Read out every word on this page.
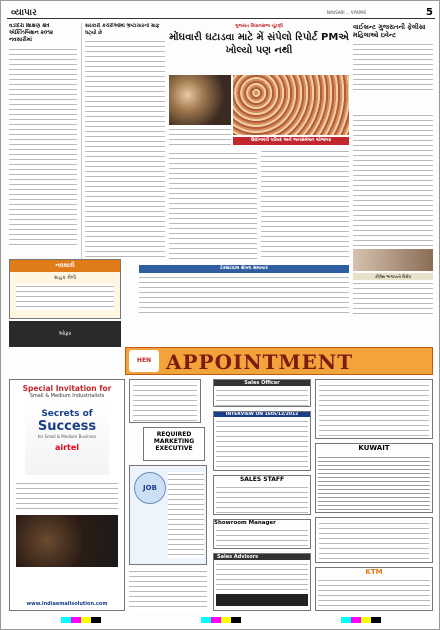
વ્યાપાર	NAVSARI ... VYAPAR	5
વડોદરા શિક્ષણ ક્ષેત્રે એક્ઝિબિશન ૨૦૧૨ નવસારીમાં
સરકારી કચેરીઓમાં ભ્રષ્ટાચારનો ગ્રાફ ઘટ્યો છે
ગુજરાત વિધાનસભા ચૂંટણી
મોંઘવારી ઘટાડવા માટે મેં સંપેલો રિપોર્ટ PMએ ખોલ્યો પણ નથી
ઉદ્યોગમંત્રી પરિષદ અને જનસંમેલન યોજાયા
વાઈબ્રન્ટ ગુજરાતની ફેલીસા મહિલાઓ ઇવેન્ટ
ટેક્સટાઇલ ક્ષેત્રના સમાચાર
કોંગ્રેસ ભાજપનો વિરોધ
નવસારી
ગ્રાહક મેળો
ઓફર
HEN APPOINTMENT
Special Invitation for
Small & Medium Industrialists
Secrets of
Success
for Small & Medium Business
airtel
www.indiaemallsolution.com
REQUIRED
MARKETING
EXECUTIVE
JOB
Sales Officer
INTERVIEW ON 16th/12/2012
SALES STAFF
Showroom Manager
Sales Advisors
KUWAIT
KTM
